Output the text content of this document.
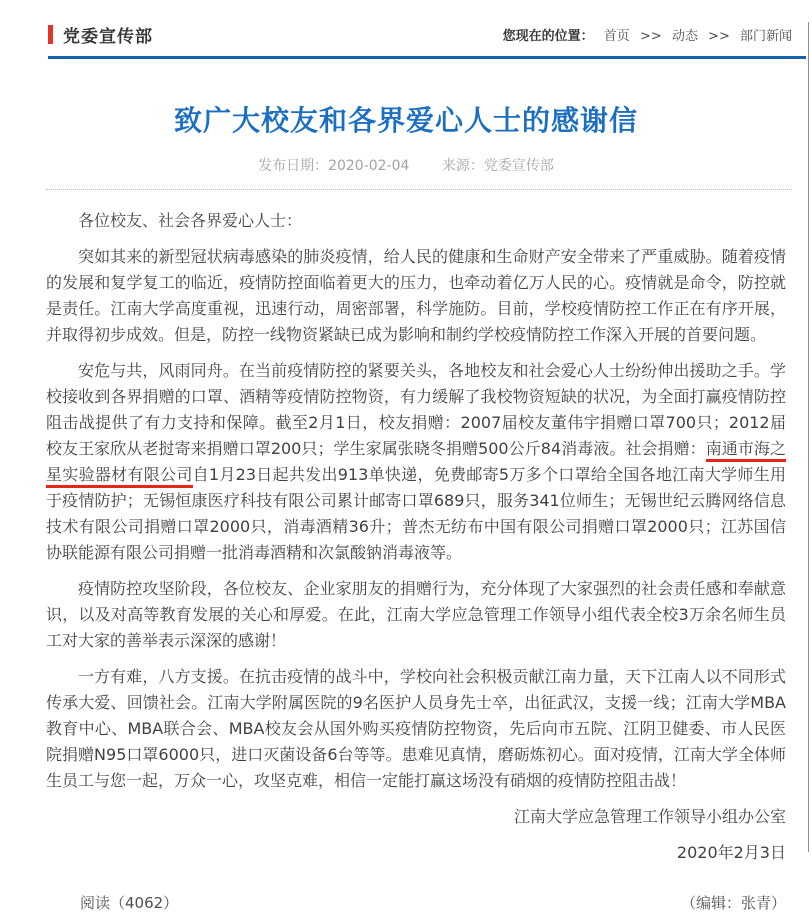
党委宣传部	您现在的位置： 首页 >> 动态 >> 部门新闻
致广大校友和各界爱心人士的感谢信
发布日期：2020-02-04 来源：党委宣传部

各位校友、社会各界爱心人士：

突如其来的新型冠状病毒感染的肺炎疫情，给人民的健康和生命财产安全带来了严重威胁。随着疫情的发展和复学复工的临近，疫情防控面临着更大的压力，也牵动着亿万人民的心。疫情就是命令，防控就是责任。江南大学高度重视，迅速行动，周密部署，科学施防。目前，学校疫情防控工作正在有序开展，并取得初步成效。但是，防控一线物资紧缺已成为影响和制约学校疫情防控工作深入开展的首要问题。

安危与共，风雨同舟。在当前疫情防控的紧要关头，各地校友和社会爱心人士纷纷伸出援助之手。学校接收到各界捐赠的口罩、酒精等疫情防控物资，有力缓解了我校物资短缺的状况，为全面打赢疫情防控阻击战提供了有力支持和保障。截至2月1日，校友捐赠：2007届校友董伟宇捐赠口罩700只；2012届校友王家欣从老挝寄来捐赠口罩200只；学生家属张晓冬捐赠500公斤84消毒液。社会捐赠：南通市海之星实验器材有限公司自1月23日起共发出913单快递，免费邮寄5万多个口罩给全国各地江南大学师生用于疫情防护；无锡恒康医疗科技有限公司累计邮寄口罩689只，服务341位师生；无锡世纪云腾网络信息技术有限公司捐赠口罩2000只，消毒酒精36升；普杰无纺布中国有限公司捐赠口罩2000只；江苏国信协联能源有限公司捐赠一批消毒酒精和次氯酸钠消毒液等。

疫情防控攻坚阶段，各位校友、企业家朋友的捐赠行为，充分体现了大家强烈的社会责任感和奉献意识，以及对高等教育发展的关心和厚爱。在此，江南大学应急管理工作领导小组代表全校3万余名师生员工对大家的善举表示深深的感谢！

一方有难，八方支援。在抗击疫情的战斗中，学校向社会积极贡献江南力量，天下江南人以不同形式传承大爱、回馈社会。江南大学附属医院的9名医护人员身先士卒，出征武汉，支援一线；江南大学MBA教育中心、MBA联合会、MBA校友会从国外购买疫情防控物资，先后向市五院、江阴卫健委、市人民医院捐赠N95口罩6000只，进口灭菌设备6台等等。患难见真情，磨砺炼初心。面对疫情，江南大学全体师生员工与您一起，万众一心，攻坚克难，相信一定能打赢这场没有硝烟的疫情防控阻击战！

江南大学应急管理工作领导小组办公室

2020年2月3日

阅读（4062）	（编辑：张青）
